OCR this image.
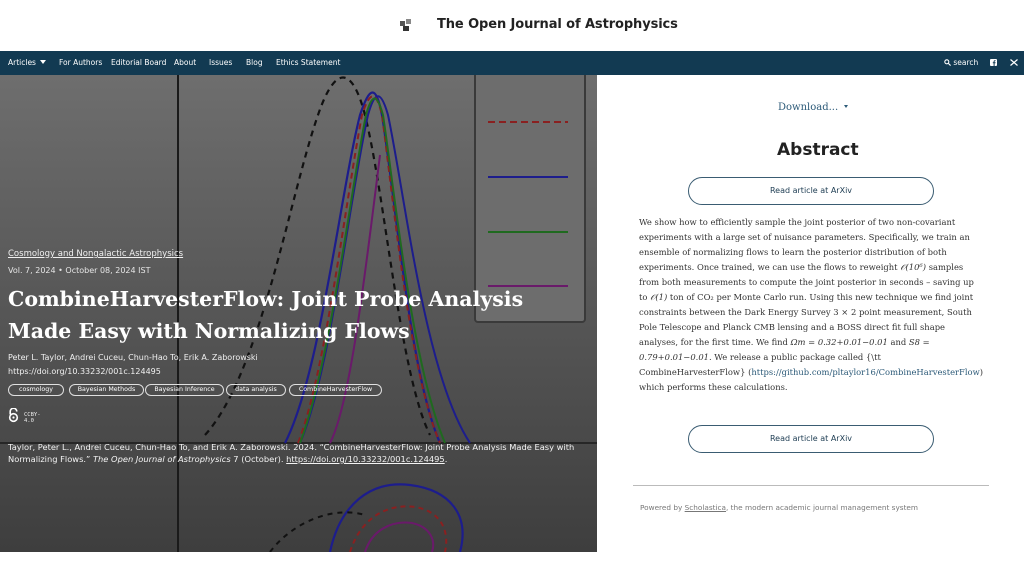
The Open Journal of Astrophysics
Articles	For Authors Editorial Board About Issues Blog Ethics Statement	search
Cosmology and Nongalactic Astrophysics
Vol. 7, 2024 • October 08, 2024 IST
CombineHarvesterFlow: Joint Probe Analysis Made Easy with Normalizing Flows
Peter L. Taylor, Andrei Cuceu, Chun-Hao To, Erik A. Zaborowski
https://doi.org/10.33232/001c.124495
cosmology	Bayesian Methods	Bayesian Inference	data analysis	CombineHarvesterFlow
CCBY-4.0
Taylor, Peter L., Andrei Cuceu, Chun-Hao To, and Erik A. Zaborowski. 2024. “CombineHarvesterFlow: Joint Probe Analysis Made Easy with Normalizing Flows.” The Open Journal of Astrophysics 7 (October). https://doi.org/10.33232/001c.124495.
Download...
Abstract
Read article at ArXiv
We show how to efficiently sample the joint posterior of two non-covariant experiments with a large set of nuisance parameters. Specifically, we train an ensemble of normalizing flows to learn the posterior distribution of both experiments. Once trained, we can use the flows to reweight 𝒪(10⁶) samples from both measurements to compute the joint posterior in seconds – saving up to 𝒪(1) ton of CO₂ per Monte Carlo run. Using this new technique we find joint constraints between the Dark Energy Survey 3 × 2 point measurement, South Pole Telescope and Planck CMB lensing and a BOSS direct fit full shape analyses, for the first time. We find Ωm = 0.32+0.01−0.01 and S8 = 0.79+0.01−0.01. We release a public package called {\tt CombineHarvesterFlow} (https://github.com/pltaylor16/CombineHarvesterFlow) which performs these calculations.
Read article at ArXiv
Powered by Scholastica, the modern academic journal management system
